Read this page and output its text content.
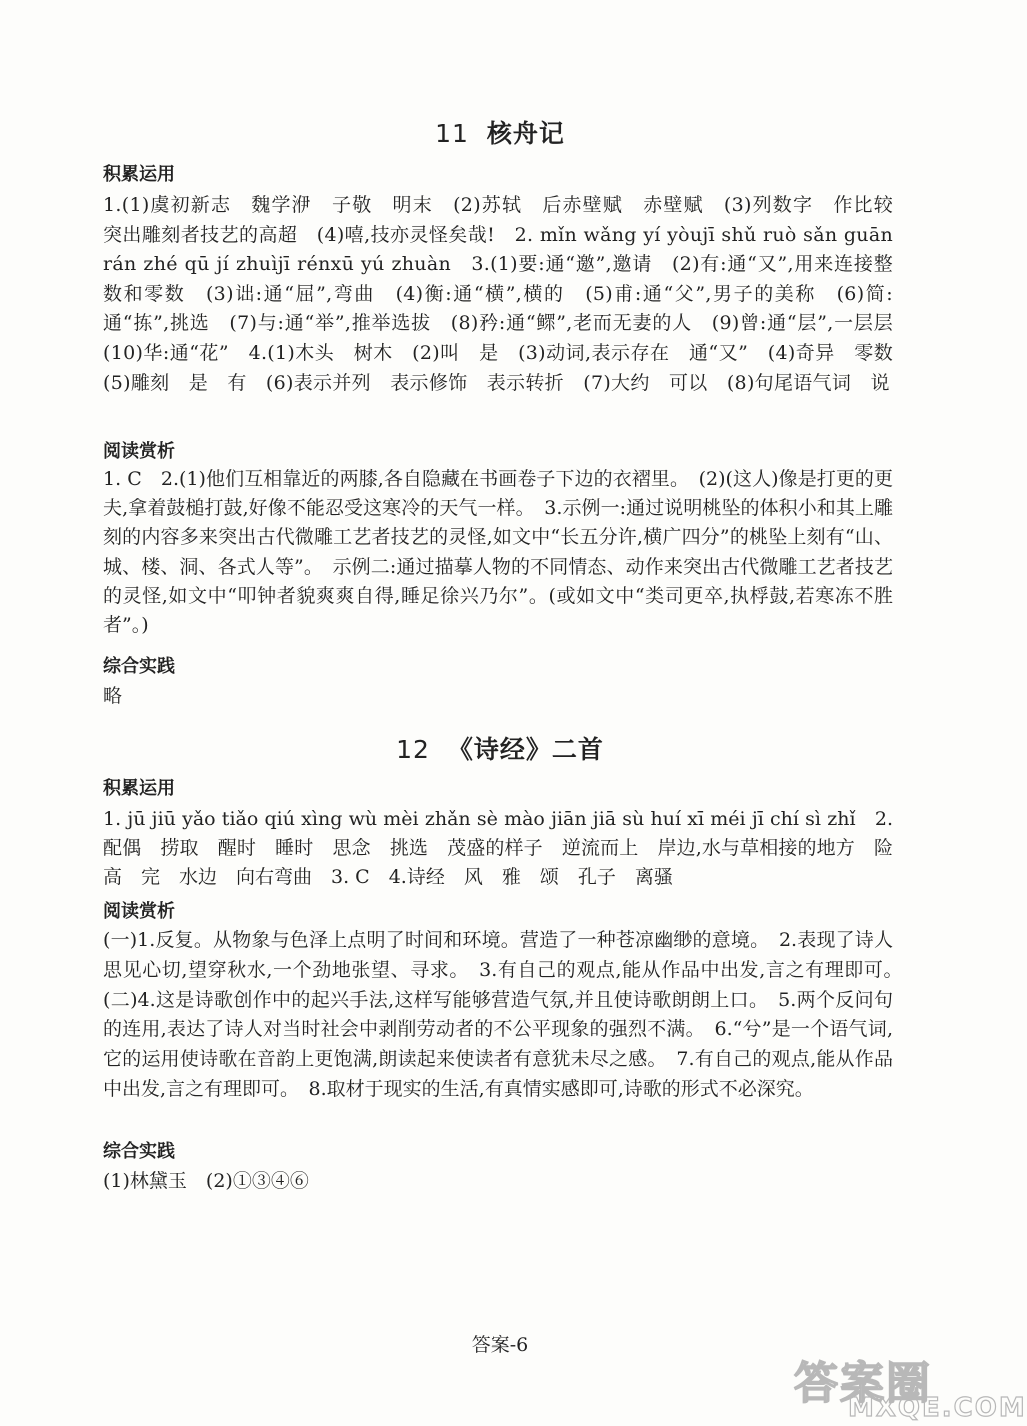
11 核舟记
积累运用

1.(1)虞初新志　魏学洢　子敬　明末　(2)苏轼　后赤壁赋　赤壁赋　(3)列数字　作比较　突出雕刻者技艺的高超　(4)嘻,技亦灵怪矣哉!　2. mǐn wǎng yí yòujī shǔ ruò sǎn guān rán zhé qū jí zhuìjī rénxū yú zhuàn　3.(1)要:通“邀”,邀请　(2)有:通“又”,用来连接整数和零数　(3)诎:通“屈”,弯曲　(4)衡:通“横”,横的　(5)甫:通“父”,男子的美称　(6)简:通“拣”,挑选　(7)与:通“举”,推举选拔　(8)矜:通“鳏”,老而无妻的人　(9)曾:通“层”,一层层　(10)华:通“花”　4.(1)木头　树木　(2)叫　是　(3)动词,表示存在　通“又”　(4)奇异　零数　(5)雕刻　是　有　(6)表示并列　表示修饰　表示转折　(7)大约　可以　(8)句尾语气词　说

阅读赏析

1. C　2.(1)他们互相靠近的两膝,各自隐藏在书画卷子下边的衣褶里。　(2)(这人)像是打更的更夫,拿着鼓槌打鼓,好像不能忍受这寒冷的天气一样。　3.示例一:通过说明桃坠的体积小和其上雕刻的内容多来突出古代微雕工艺者技艺的灵怪,如文中“长五分许,横广四分”的桃坠上刻有“山、城、楼、洞、各式人等”。　示例二:通过描摹人物的不同情态、动作来突出古代微雕工艺者技艺的灵怪,如文中“叩钟者貌爽爽自得,睡足徐兴乃尔”。(或如文中“类司更卒,执桴鼓,若寒冻不胜者”。)

综合实践
略
12 《诗经》二首
积累运用

1. jū jiū yǎo tiǎo qiú xìng wù mèi zhǎn sè mào jiān jiā sù huí xī méi jī chí sì zhǐ　2.配偶　捞取　醒时　睡时　思念　挑选　茂盛的样子　逆流而上　岸边,水与草相接的地方　险　高　完　水边　向右弯曲　3. C　4.诗经　风　雅　颂　孔子　离骚

阅读赏析

(一)1.反复。从物象与色泽上点明了时间和环境。营造了一种苍凉幽缈的意境。　2.表现了诗人思见心切,望穿秋水,一个劲地张望、寻求。　3.有自己的观点,能从作品中出发,言之有理即可。　(二)4.这是诗歌创作中的起兴手法,这样写能够营造气氛,并且使诗歌朗朗上口。　5.两个反问句的连用,表达了诗人对当时社会中剥削劳动者的不公平现象的强烈不满。　6.“兮”是一个语气词,它的运用使诗歌在音韵上更饱满,朗读起来使读者有意犹未尽之感。　7.有自己的观点,能从作品中出发,言之有理即可。　8.取材于现实的生活,有真情实感即可,诗歌的形式不必深究。

综合实践
(1)林黛玉　(2)①③④⑥
答案-6
答案圈
MXQE.COM
